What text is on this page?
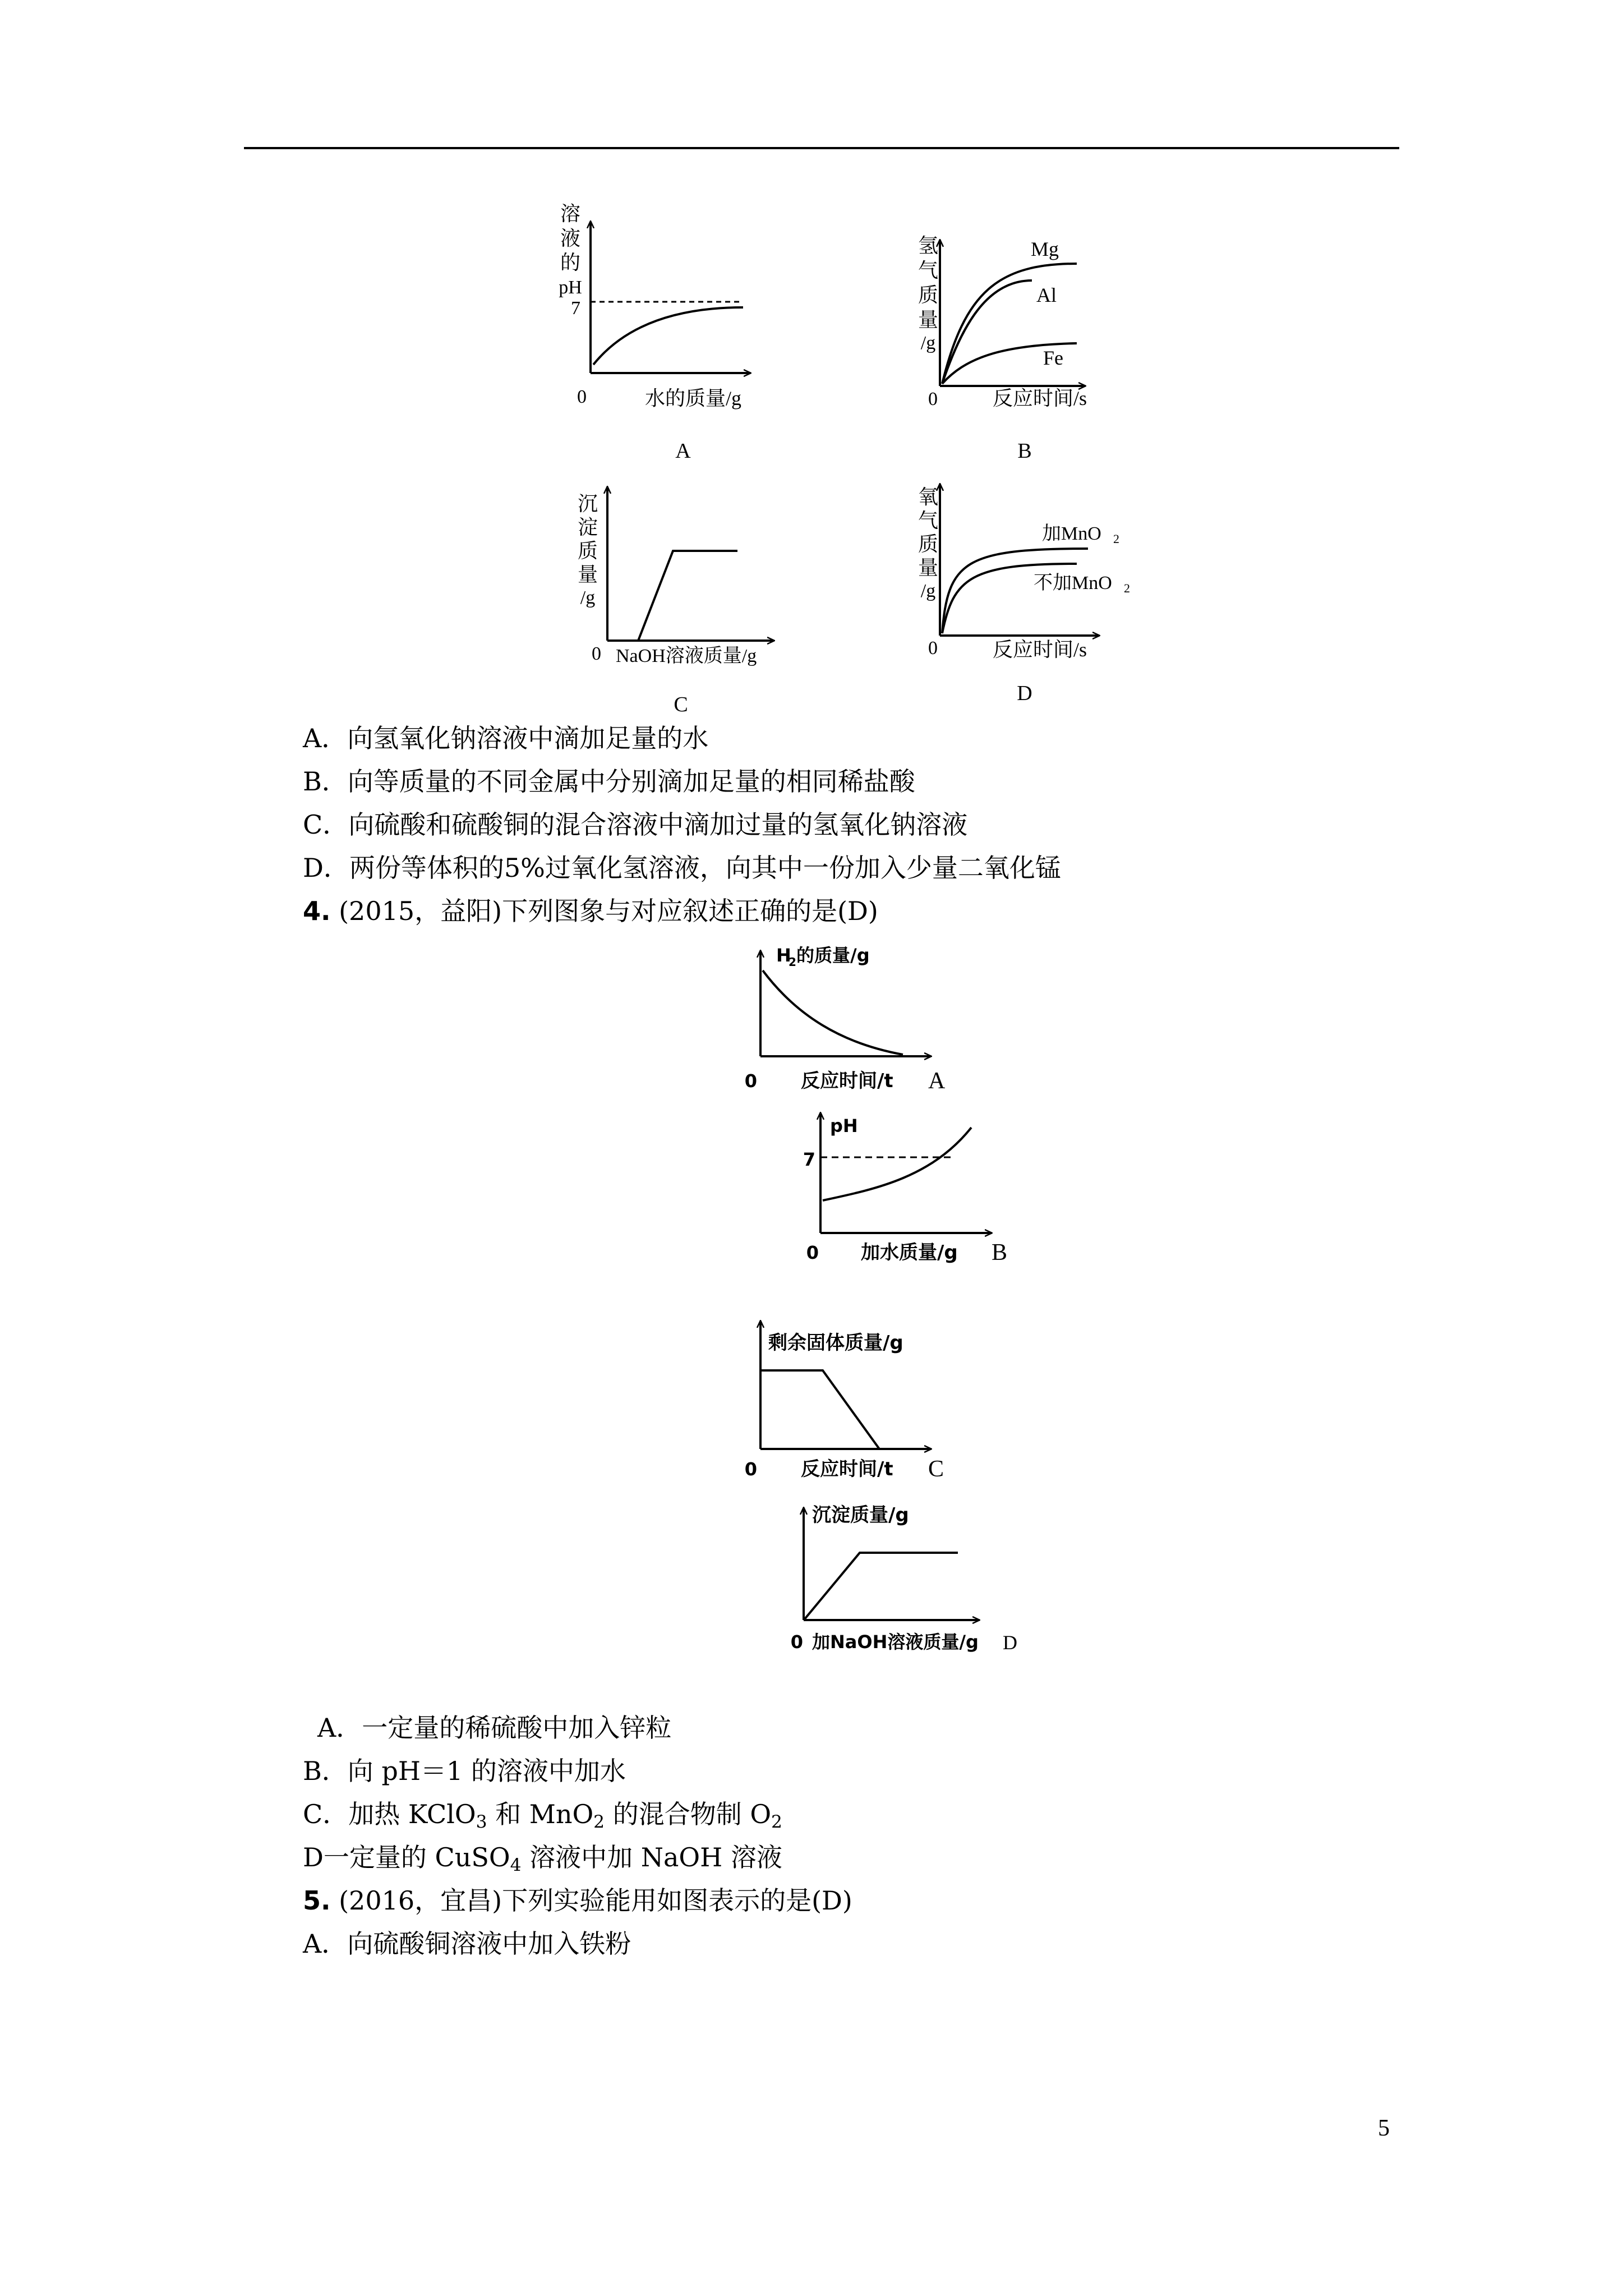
溶
液
的
pH
7
0	水的质量/g
A
氢
气
质
量
/g
Mg
Al
Fe
0	反应时间/s
B
沉
淀
质
量
/g
0 NaOH溶液质量/g
C
氧
气
质
量
/g
加MnO 2
不加MnO 2
0	反应时间/s
D
H
2 的质量/g
0 反应时间/t A
pH
7
0 加水质量/g B
剩余固体质量/g
0 反应时间/t C
沉淀质量/g
0 加NaOH溶液质量/g D
A．向氢氧化钠溶液中滴加足量的水
B．向等质量的不同金属中分别滴加足量的相同稀盐酸
C．向硫酸和硫酸铜的混合溶液中滴加过量的氢氧化钠溶液
D．两份等体积的5%过氧化氢溶液，向其中一份加入少量二氧化锰
4. (2015，益阳)下列图象与对应叙述正确的是(D)
A．一定量的稀硫酸中加入锌粒
B．向 pH＝1 的溶液中加水
C．加热 KClO$_3$ 和 MnO$_2$ 的混合物制 $O_2$
D一定量的 CuSO$_4$ 溶液中加 NaOH 溶液
5. (2016，宜昌)下列实验能用如图表示的是(D)
A．向硫酸铜溶液中加入铁粉
5
